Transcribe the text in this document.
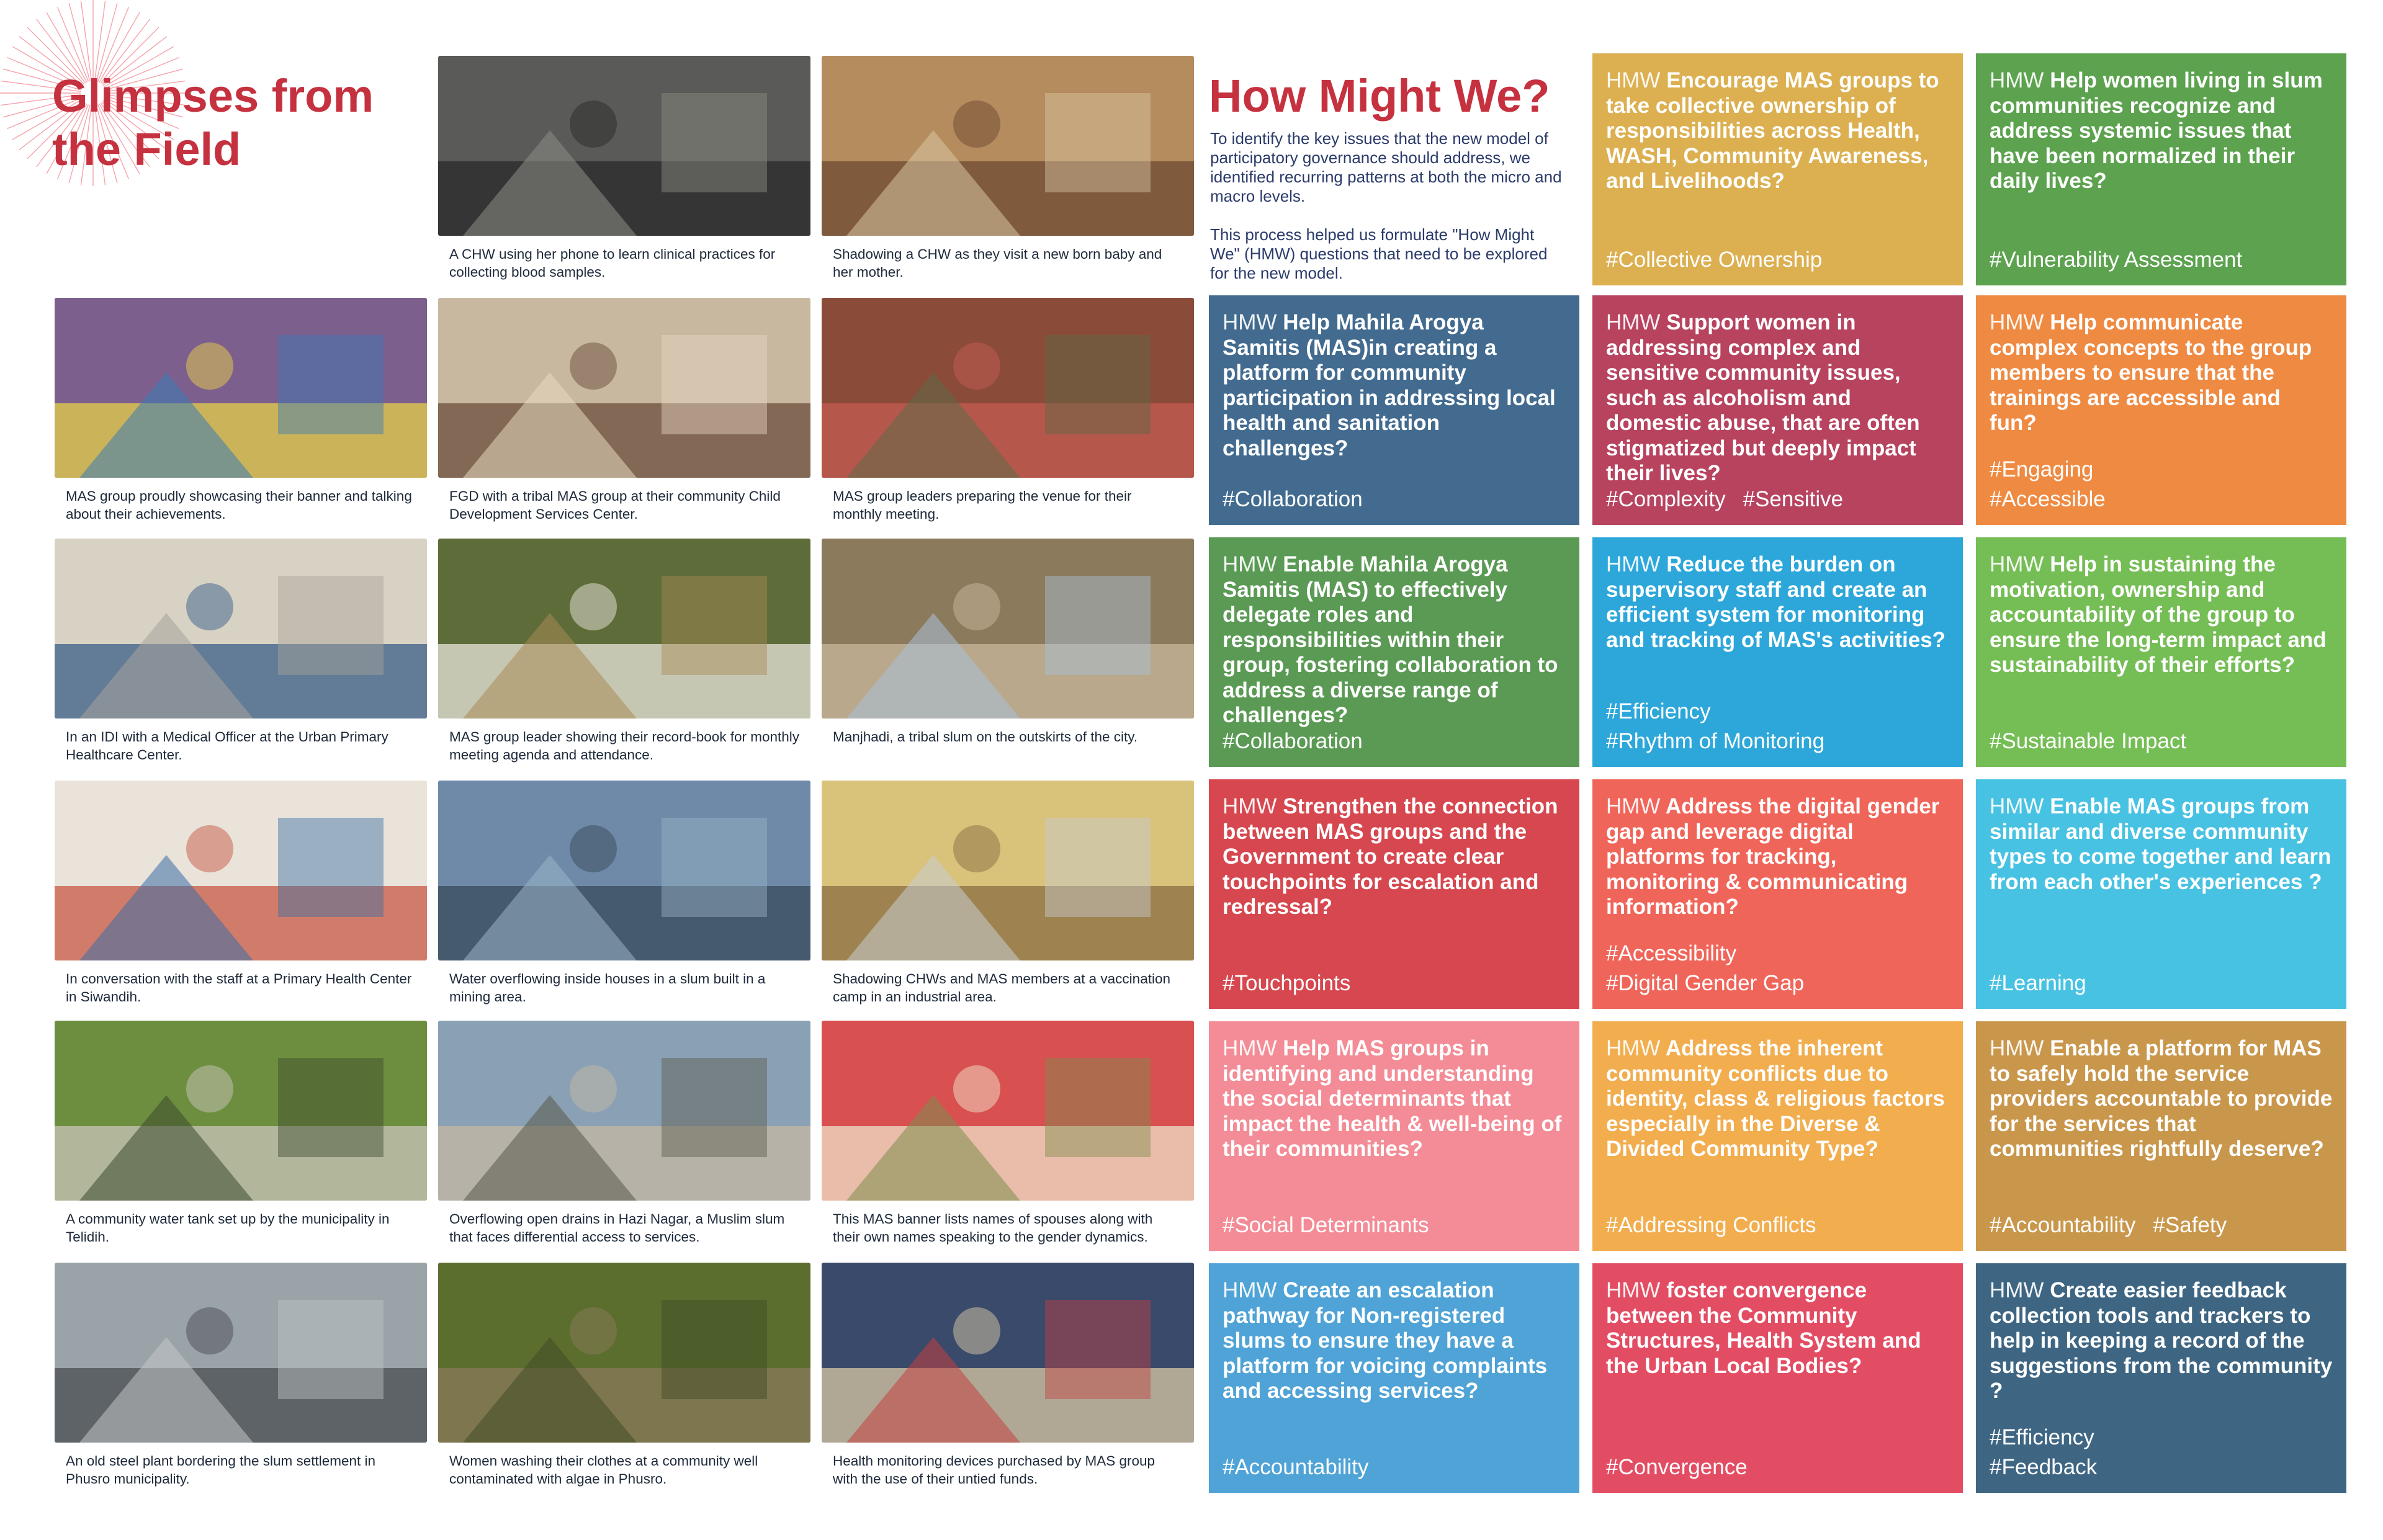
Glimpses from the Field

A CHW using her phone to learn clinical practices for collecting blood samples.

Shadowing a CHW as they visit a new born baby and her mother.

MAS group proudly showcasing their banner and talking about their achievements.

FGD with a tribal MAS group at their community Child Development Services Center.

MAS group leaders preparing the venue for their monthly meeting.

In an IDI with a Medical Officer at the Urban Primary Healthcare Center.

MAS group leader showing their record-book for monthly meeting agenda and attendance.

Manjhadi, a tribal slum on the outskirts of the city.

In conversation with the staff at a Primary Health Center in Siwandih.

Water overflowing inside houses in a slum built in a mining area.

Shadowing CHWs and MAS members at a vaccination camp in an industrial area.

A community water tank set up by the municipality in Telidih.

Overflowing open drains in Hazi Nagar, a Muslim slum that faces differential access to services.

This MAS banner lists names of spouses along with their own names speaking to the gender dynamics.

An old steel plant bordering the slum settlement in Phusro municipality.

Women washing their clothes at a community well contaminated with algae in Phusro.

Health monitoring devices purchased by MAS group with the use of their untied funds.

How Might We?

To identify the key issues that the new model of participatory governance should address, we identified recurring patterns at both the micro and macro levels.

This process helped us formulate "How Might We" (HMW) questions that need to be explored for the new model.

HMW Encourage MAS groups to take collective ownership of responsibilities across Health, WASH, Community Awareness, and Livelihoods?

#Collective Ownership

HMW Help women living in slum communities recognize and address systemic issues that have been normalized in their daily lives?

#Vulnerability Assessment

HMW Help Mahila Arogya Samitis (MAS)in creating a platform for community participation in addressing local health and sanitation challenges?

#Collaboration

HMW Support women in addressing complex and sensitive community issues, such as alcoholism and domestic abuse, that are often stigmatized but deeply impact their lives?

#Complexity #Sensitive

HMW Help communicate complex concepts to the group members to ensure that the trainings are accessible and fun?

#Engaging
#Accessible

HMW Enable Mahila Arogya Samitis (MAS) to effectively delegate roles and responsibilities within their group, fostering collaboration to address a diverse range of challenges?

#Collaboration

HMW Reduce the burden on supervisory staff and create an efficient system for monitoring and tracking of MAS's activities?

#Efficiency
#Rhythm of Monitoring

HMW Help in sustaining the motivation, ownership and accountability of the group to ensure the long-term impact and sustainability of their efforts?

#Sustainable Impact

HMW Strengthen the connection between MAS groups and the Government to create clear touchpoints for escalation and redressal?

#Touchpoints

HMW Address the digital gender gap and leverage digital platforms for tracking, monitoring & communicating information?

#Accessibility
#Digital Gender Gap

HMW Enable MAS groups from similar and diverse community types to come together and learn from each other's experiences ?

#Learning

HMW Help MAS groups in identifying and understanding the social determinants that impact the health & well-being of their communities?

#Social Determinants

HMW Address the inherent community conflicts due to identity, class & religious factors especially in the Diverse & Divided Community Type?

#Addressing Conflicts

HMW Enable a platform for MAS to safely hold the service providers accountable to provide for the services that communities rightfully deserve?

#Accountability #Safety

HMW Create an escalation pathway for Non-registered slums to ensure they have a platform for voicing complaints and accessing services?

#Accountability

HMW foster convergence between the Community Structures, Health System and the Urban Local Bodies?

#Convergence

HMW Create easier feedback collection tools and trackers to help in keeping a record of the suggestions from the community ?

#Efficiency
#Feedback
